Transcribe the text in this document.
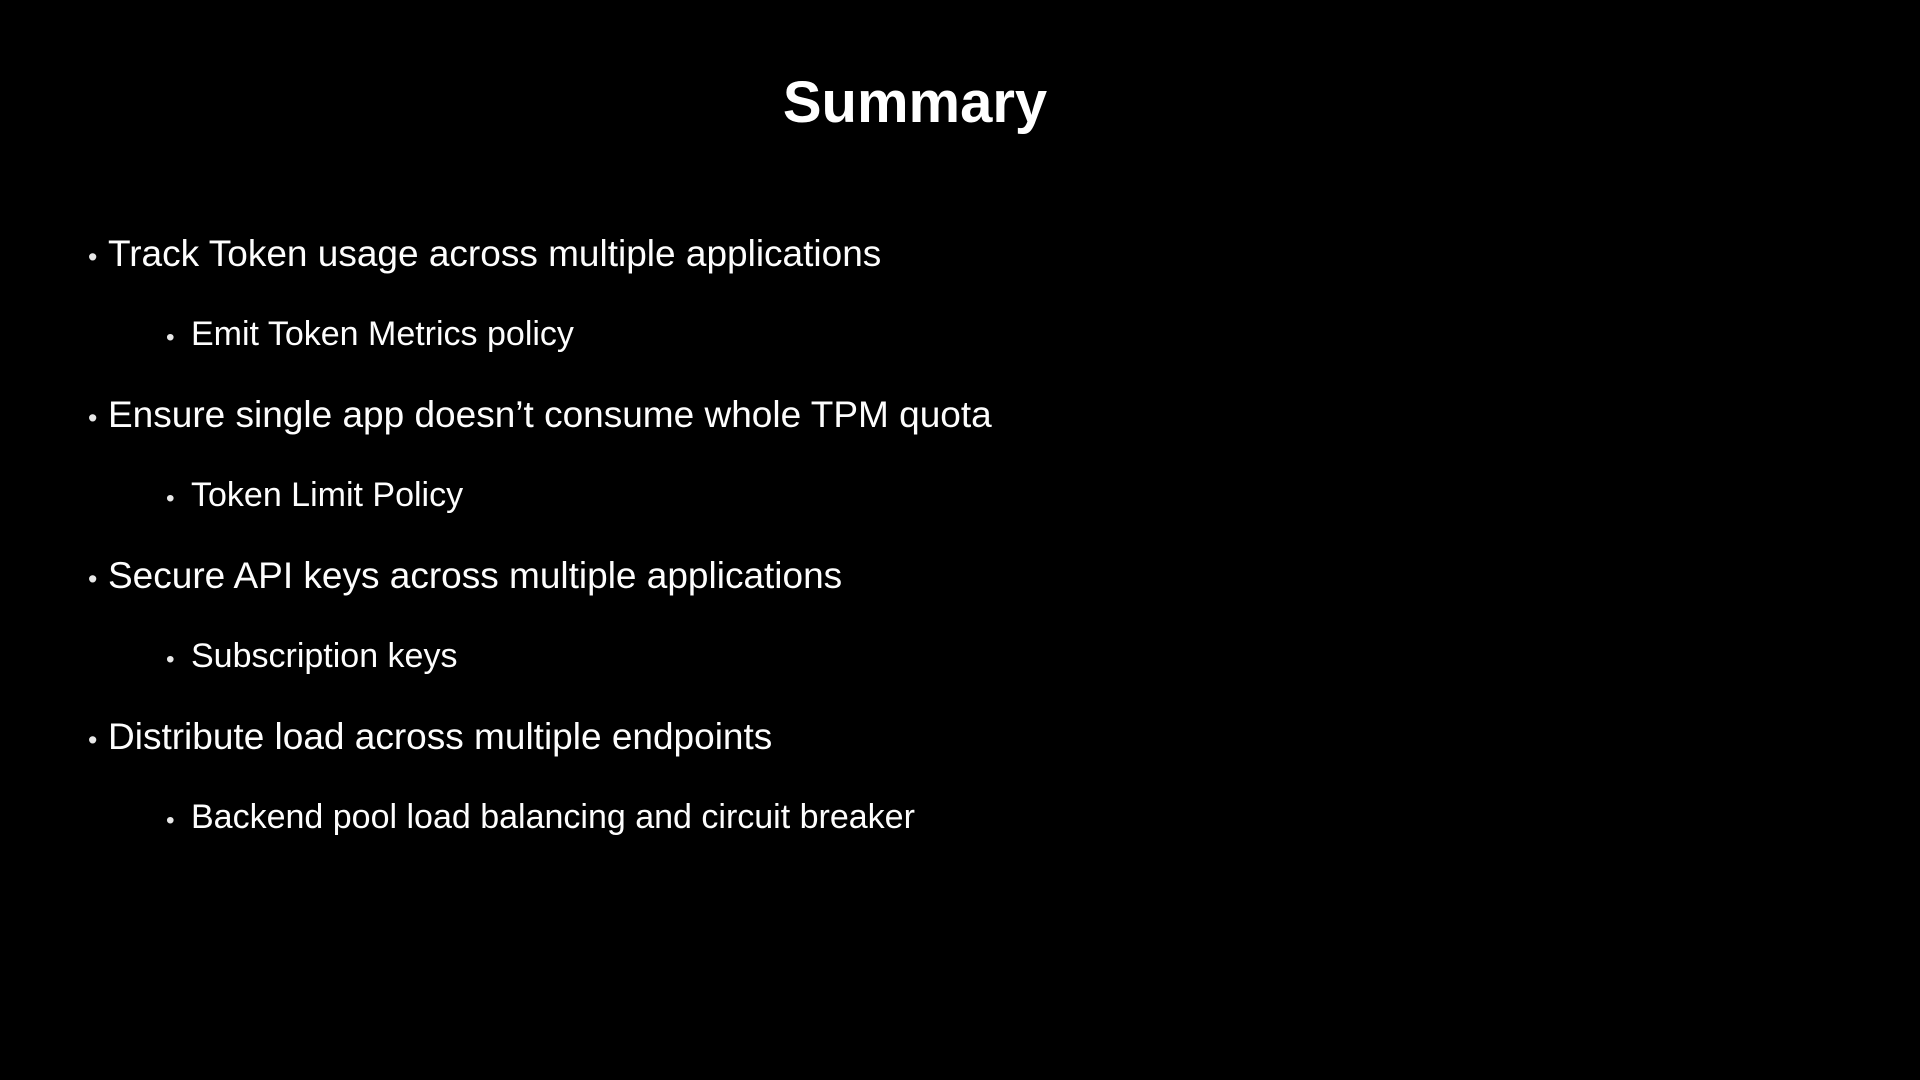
Summary
• Track Token usage across multiple applications
• Emit Token Metrics policy
• Ensure single app doesn’t consume whole TPM quota
• Token Limit Policy
• Secure API keys across multiple applications
• Subscription keys
• Distribute load across multiple endpoints
• Backend pool load balancing and circuit breaker
